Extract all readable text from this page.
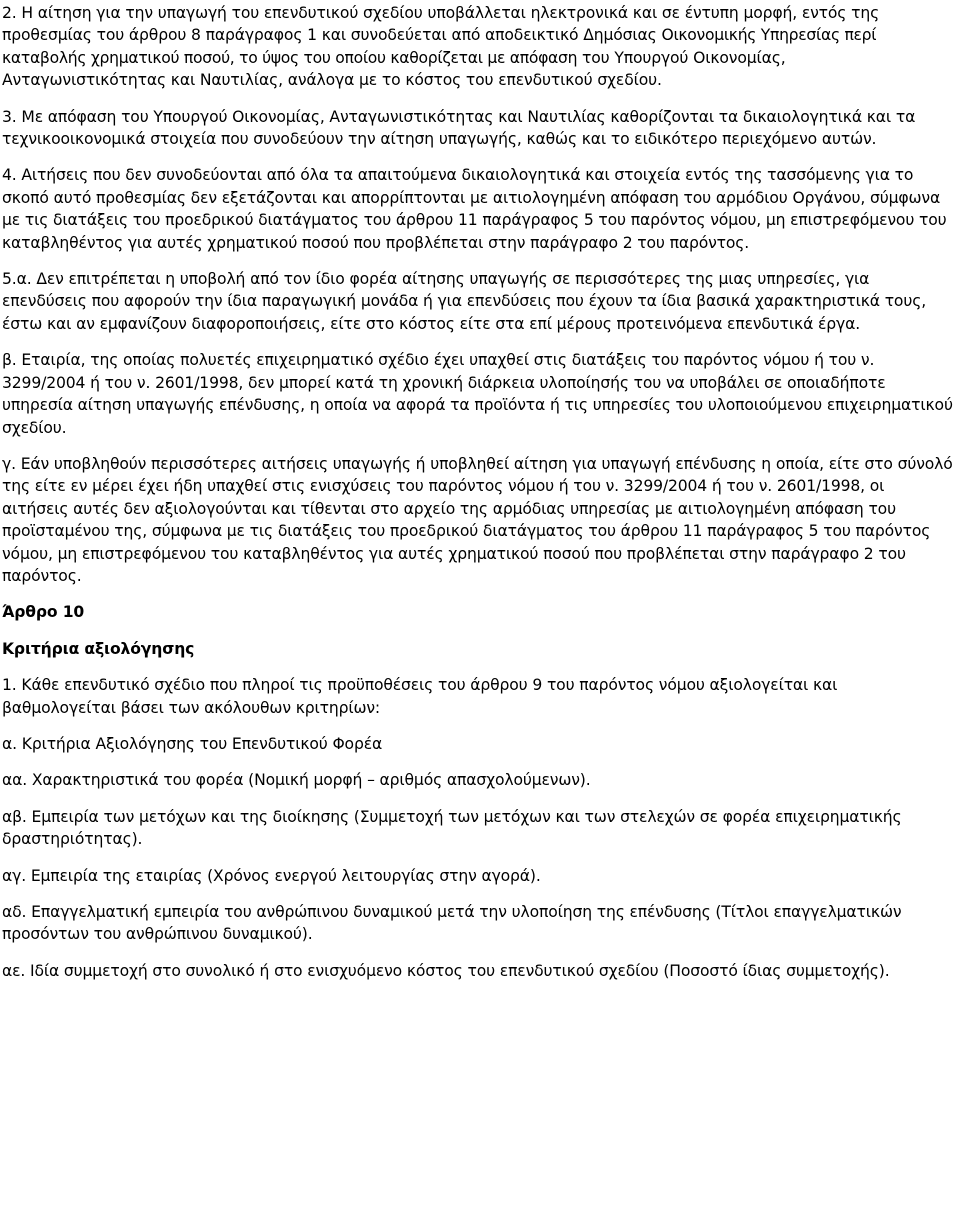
2. Η αίτηση για την υπαγωγή του επενδυτικού σχεδίου υποβάλλεται ηλεκτρονικά και σε έντυπη μορφή, εντός της προθεσμίας του άρθρου 8 παράγραφος 1 και συνοδεύεται από αποδεικτικό Δημόσιας Οικονομικής Υπηρεσίας περί καταβολής χρηματικού ποσού, το ύψος του οποίου καθορίζεται με απόφαση του Υπουργού Οικονομίας, Ανταγωνιστικότητας και Ναυτιλίας, ανάλογα με το κόστος του επενδυτικού σχεδίου.

3. Με απόφαση του Υπουργού Οικονομίας, Ανταγωνιστικότητας και Ναυτιλίας καθορίζονται τα δικαιολογητικά και τα τεχνικοοικονομικά στοιχεία που συνοδεύουν την αίτηση υπαγωγής, καθώς και το ειδικότερο περιεχόμενο αυτών.

4. Αιτήσεις που δεν συνοδεύονται από όλα τα απαιτούμενα δικαιολογητικά και στοιχεία εντός της τασσόμενης για το σκοπό αυτό προθεσμίας δεν εξετάζονται και απορρίπτονται με αιτιολογημένη απόφαση του αρμόδιου Οργάνου, σύμφωνα με τις διατάξεις του προεδρικού διατάγματος του άρθρου 11 παράγραφος 5 του παρόντος νόμου, μη επιστρεφόμενου του καταβληθέντος για αυτές χρηματικού ποσού που προβλέπεται στην παράγραφο 2 του παρόντος.

5.α. Δεν επιτρέπεται η υποβολή από τον ίδιο φορέα αίτησης υπαγωγής σε περισσότερες της μιας υπηρεσίες, για επενδύσεις που αφορούν την ίδια παραγωγική μονάδα ή για επενδύσεις που έχουν τα ίδια βασικά χαρακτηριστικά τους, έστω και αν εμφανίζουν διαφοροποιήσεις, είτε στο κόστος είτε στα επί μέρους προτεινόμενα επενδυτικά έργα.

β. Εταιρία, της οποίας πολυετές επιχειρηματικό σχέδιο έχει υπαχθεί στις διατάξεις του παρόντος νόμου ή του ν. 3299/2004 ή του ν. 2601/1998, δεν μπορεί κατά τη χρονική διάρκεια υλοποίησής του να υποβάλει σε οποιαδήποτε υπηρεσία αίτηση υπαγωγής επένδυσης, η οποία να αφορά τα προϊόντα ή τις υπηρεσίες του υλοποιούμενου επιχειρηματικού σχεδίου.

γ. Εάν υποβληθούν περισσότερες αιτήσεις υπαγωγής ή υποβληθεί αίτηση για υπαγωγή επένδυσης η οποία, είτε στο σύνολό της είτε εν μέρει έχει ήδη υπαχθεί στις ενισχύσεις του παρόντος νόμου ή του ν. 3299/2004 ή του ν. 2601/1998, οι αιτήσεις αυτές δεν αξιολογούνται και τίθενται στο αρχείο της αρμόδιας υπηρεσίας με αιτιολογημένη απόφαση του προϊσταμένου της, σύμφωνα με τις διατάξεις του προεδρικού διατάγματος του άρθρου 11 παράγραφος 5 του παρόντος νόμου, μη επιστρεφόμενου του καταβληθέντος για αυτές χρηματικού ποσού που προβλέπεται στην παράγραφο 2 του παρόντος.

Άρθρο 10
Κριτήρια αξιολόγησης

1. Κάθε επενδυτικό σχέδιο που πληροί τις προϋποθέσεις του άρθρου 9 του παρόντος νόμου αξιολογείται και βαθμολογείται βάσει των ακόλουθων κριτηρίων:

α. Κριτήρια Αξιολόγησης του Επενδυτικού Φορέα

αα. Χαρακτηριστικά του φορέα (Νομική μορφή – αριθμός απασχολούμενων).

αβ. Εμπειρία των μετόχων και της διοίκησης (Συμμετοχή των μετόχων και των στελεχών σε φορέα επιχειρηματικής δραστηριότητας).

αγ. Εμπειρία της εταιρίας (Χρόνος ενεργού λειτουργίας στην αγορά).

αδ. Επαγγελματική εμπειρία του ανθρώπινου δυναμικού μετά την υλοποίηση της επένδυσης (Τίτλοι επαγγελματικών προσόντων του ανθρώπινου δυναμικού).

αε. Ιδία συμμετοχή στο συνολικό ή στο ενισχυόμενο κόστος του επενδυτικού σχεδίου (Ποσοστό ίδιας συμμετοχής).
